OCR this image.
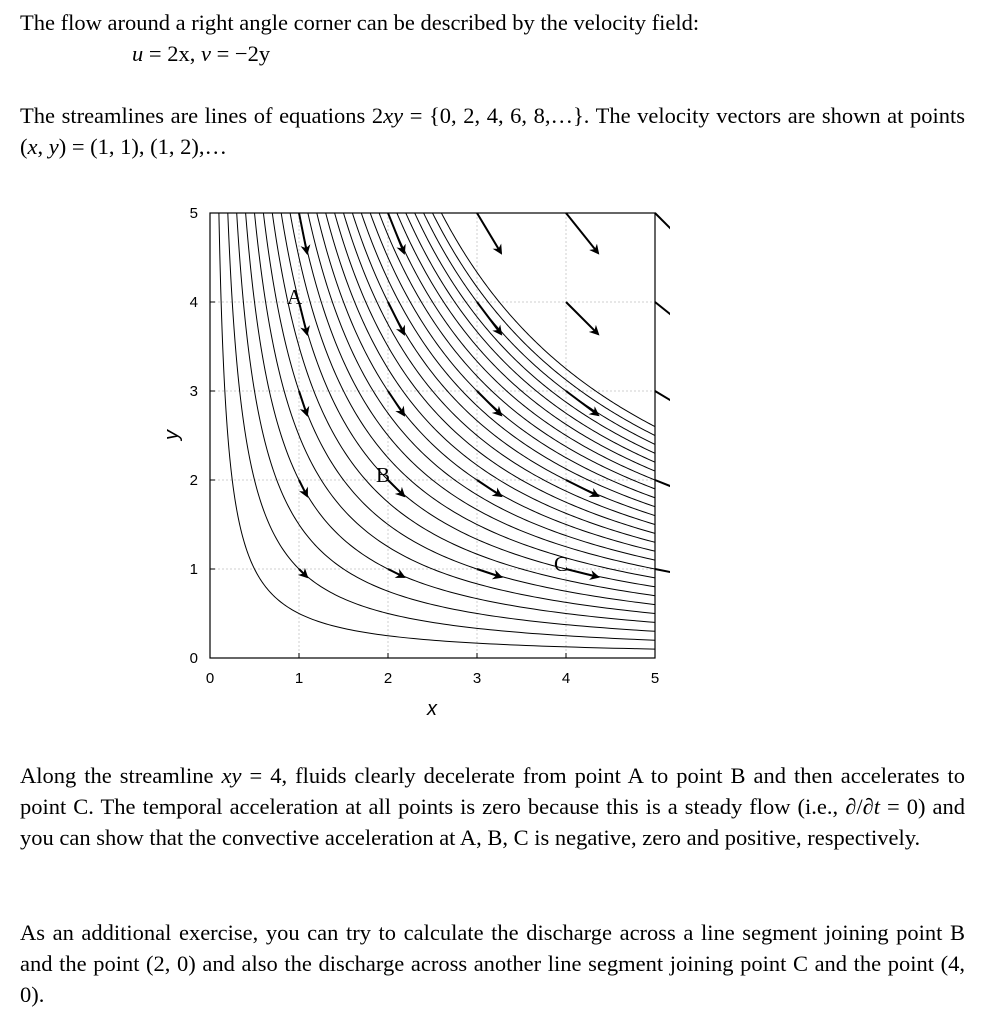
The flow around a right angle corner can be described by the velocity field:

u = 2x, v = −2y

The streamlines are lines of equations 2xy = {0, 2, 4, 6, 8,…}. The velocity vectors are shown at points (x, y) = (1, 1), (1, 2),…

0	1	2	3	4	5
0
1
2
3
4
5
A
B
C
x
y

Along the streamline xy = 4, fluids clearly decelerate from point A to point B and then accelerates to point C. The temporal acceleration at all points is zero because this is a steady flow (i.e., ∂/∂t = 0) and you can show that the convective acceleration at A, B, C is negative, zero and positive, respectively.

As an additional exercise, you can try to calculate the discharge across a line segment joining point B and the point (2, 0) and also the discharge across another line segment joining point C and the point (4, 0).
